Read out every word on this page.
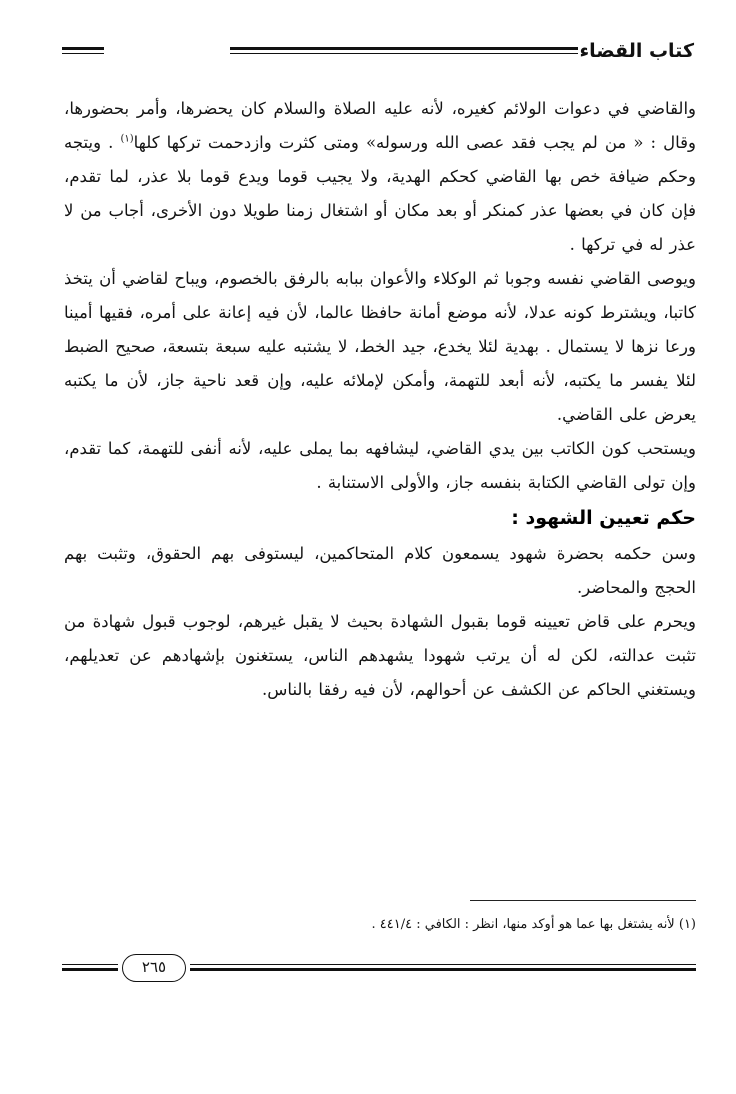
كتاب القضاء

والقاضي في دعوات الولائم كغيره، لأنه عليه الصلاة والسلام كان يحضرها، وأمر بحضورها، وقال : « من لم يجب فقد عصى الله ورسوله» ومتى كثرت وازدحمت تركها كلها$^{(١)}$ . ويتجه وحكم ضيافة خص بها القاضي كحكم الهدية، ولا يجيب قوما ويدع قوما بلا عذر، لما تقدم، فإن كان في بعضها عذر كمنكر أو بعد مكان أو اشتغال زمنا طويلا دون الأخرى، أجاب من لا عذر له في تركها .

ويوصى القاضي نفسه وجوبا ثم الوكلاء والأعوان ببابه بالرفق بالخصوم، ويباح لقاضي أن يتخذ كاتبا، ويشترط كونه عدلا، لأنه موضع أمانة حافظا عالما، لأن فيه إعانة على أمره، فقيها أمينا ورعا نزها لا يستمال . بهدية لئلا يخدع، جيد الخط، لا يشتبه عليه سبعة بتسعة، صحيح الضبط لئلا يفسر ما يكتبه، لأنه أبعد للتهمة، وأمكن لإملائه عليه، وإن قعد ناحية جاز، لأن ما يكتبه يعرض على القاضي.

ويستحب كون الكاتب بين يدي القاضي، ليشافهه بما يملى عليه، لأنه أنفى للتهمة، كما تقدم، وإن تولى القاضي الكتابة بنفسه جاز، والأولى الاستنابة .

حكم تعيين الشهود :

وسن حكمه بحضرة شهود يسمعون كلام المتحاكمين، ليستوفى بهم الحقوق، وتثبت بهم الحجج والمحاضر.

ويحرم على قاض تعيينه قوما بقبول الشهادة بحيث لا يقبل غيرهم، لوجوب قبول شهادة من تثبت عدالته، لكن له أن يرتب شهودا يشهدهم الناس، يستغنون بإشهادهم عن تعديلهم، ويستغني الحاكم عن الكشف عن أحوالهم، لأن فيه رفقا بالناس.

(١) لأنه يشتغل بها عما هو أوكد منها، انظر : الكافي : ٤٤١/٤ .
٢٦٥
